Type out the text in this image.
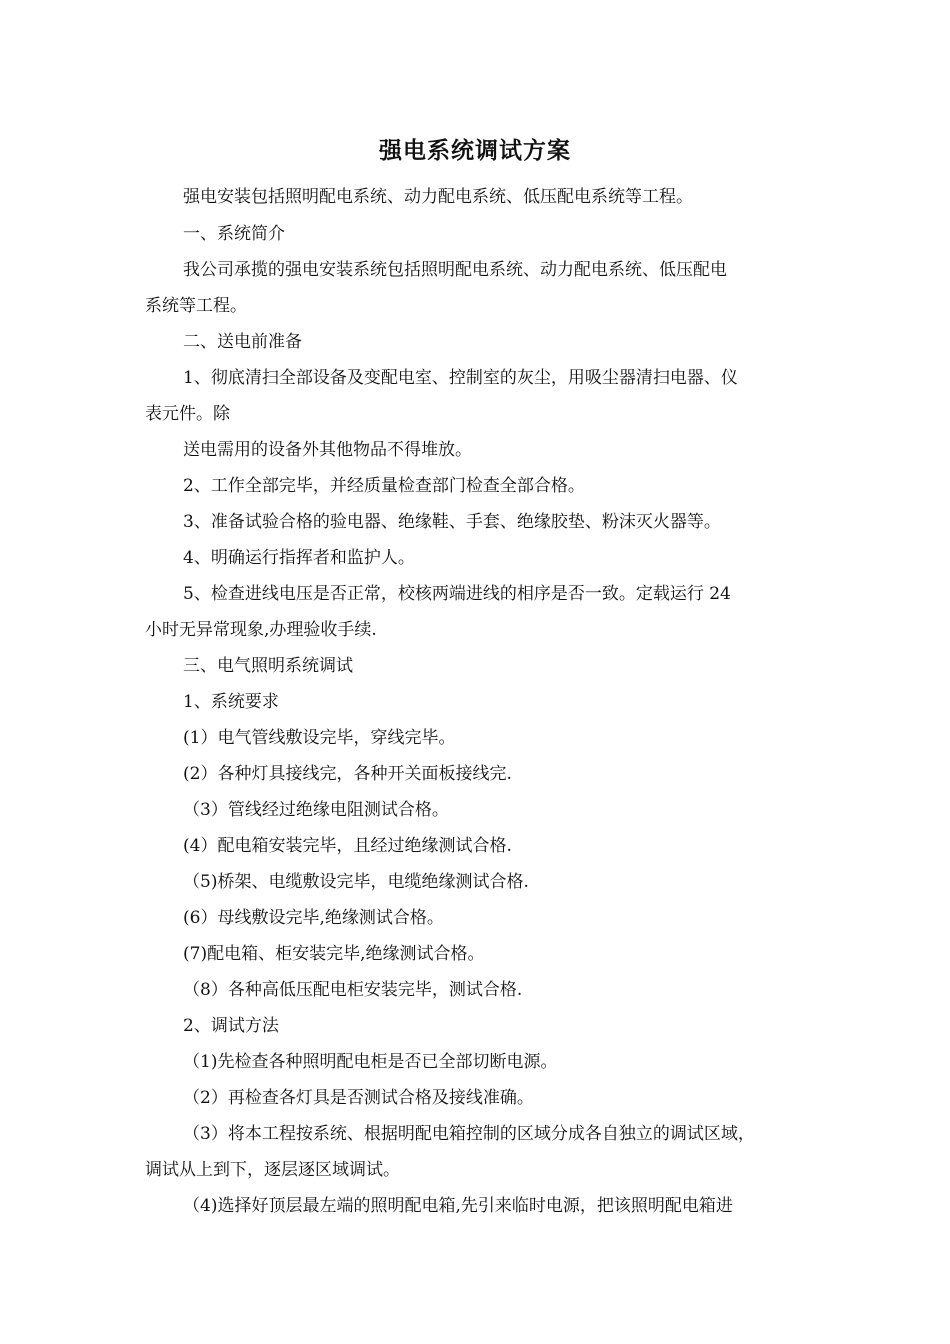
强电系统调试方案

强电安装包括照明配电系统、动力配电系统、低压配电系统等工程。

一、系统简介

我公司承揽的强电安装系统包括照明配电系统、动力配电系统、低压配电

系统等工程。

二、送电前准备

1、彻底清扫全部设备及变配电室、控制室的灰尘，用吸尘器清扫电器、仪

表元件。除

送电需用的设备外其他物品不得堆放。

2、工作全部完毕，并经质量检查部门检查全部合格。

3、准备试验合格的验电器、绝缘鞋、手套、绝缘胶垫、粉沫灭火器等。

4、明确运行指挥者和监护人。

5、检查进线电压是否正常，校核两端进线的相序是否一致。定载运行 24

小时无异常现象,办理验收手续.

三、电气照明系统调试

1、系统要求

(1）电气管线敷设完毕，穿线完毕。

(2）各种灯具接线完，各种开关面板接线完.

（3）管线经过绝缘电阻测试合格。

(4）配电箱安装完毕，且经过绝缘测试合格.

（5)桥架、电缆敷设完毕，电缆绝缘测试合格.

(6）母线敷设完毕,绝缘测试合格。

(7)配电箱、柜安装完毕,绝缘测试合格。

（8）各种高低压配电柜安装完毕，测试合格.

2、调试方法

（1)先检查各种照明配电柜是否已全部切断电源。

（2）再检查各灯具是否测试合格及接线准确。

（3）将本工程按系统、根据明配电箱控制的区域分成各自独立的调试区域，

调试从上到下，逐层逐区域调试。

（4)选择好顶层最左端的照明配电箱,先引来临时电源，把该照明配电箱进
